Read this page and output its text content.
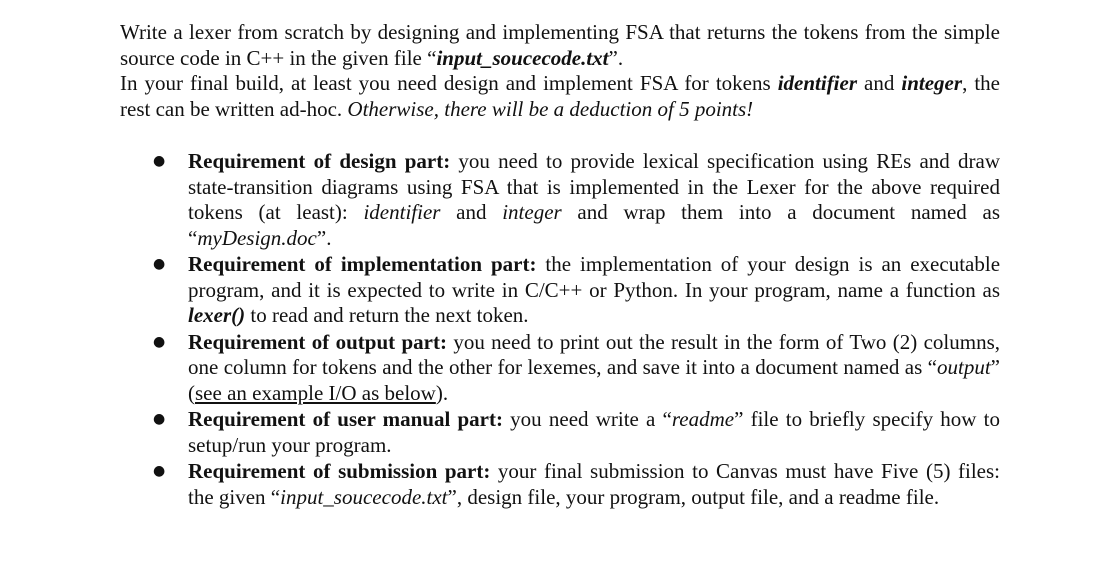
Write a lexer from scratch by designing and implementing FSA that returns the tokens from the simple source code in C++ in the given file “input_soucecode.txt”.
In your final build, at least you need design and implement FSA for tokens identifier and integer, the rest can be written ad-hoc. Otherwise, there will be a deduction of 5 points!

● Requirement of design part: you need to provide lexical specification using REs and draw state-transition diagrams using FSA that is implemented in the Lexer for the above required tokens (at least): identifier and integer and wrap them into a document named as “myDesign.doc”.
● Requirement of implementation part: the implementation of your design is an executable program, and it is expected to write in C/C++ or Python. In your program, name a function as lexer() to read and return the next token.
● Requirement of output part: you need to print out the result in the form of Two (2) columns, one column for tokens and the other for lexemes, and save it into a document named as “output” (see an example I/O as below).
● Requirement of user manual part: you need write a “readme” file to briefly specify how to setup/run your program.
● Requirement of submission part: your final submission to Canvas must have Five (5) files: the given “input_soucecode.txt”, design file, your program, output file, and a readme file.
